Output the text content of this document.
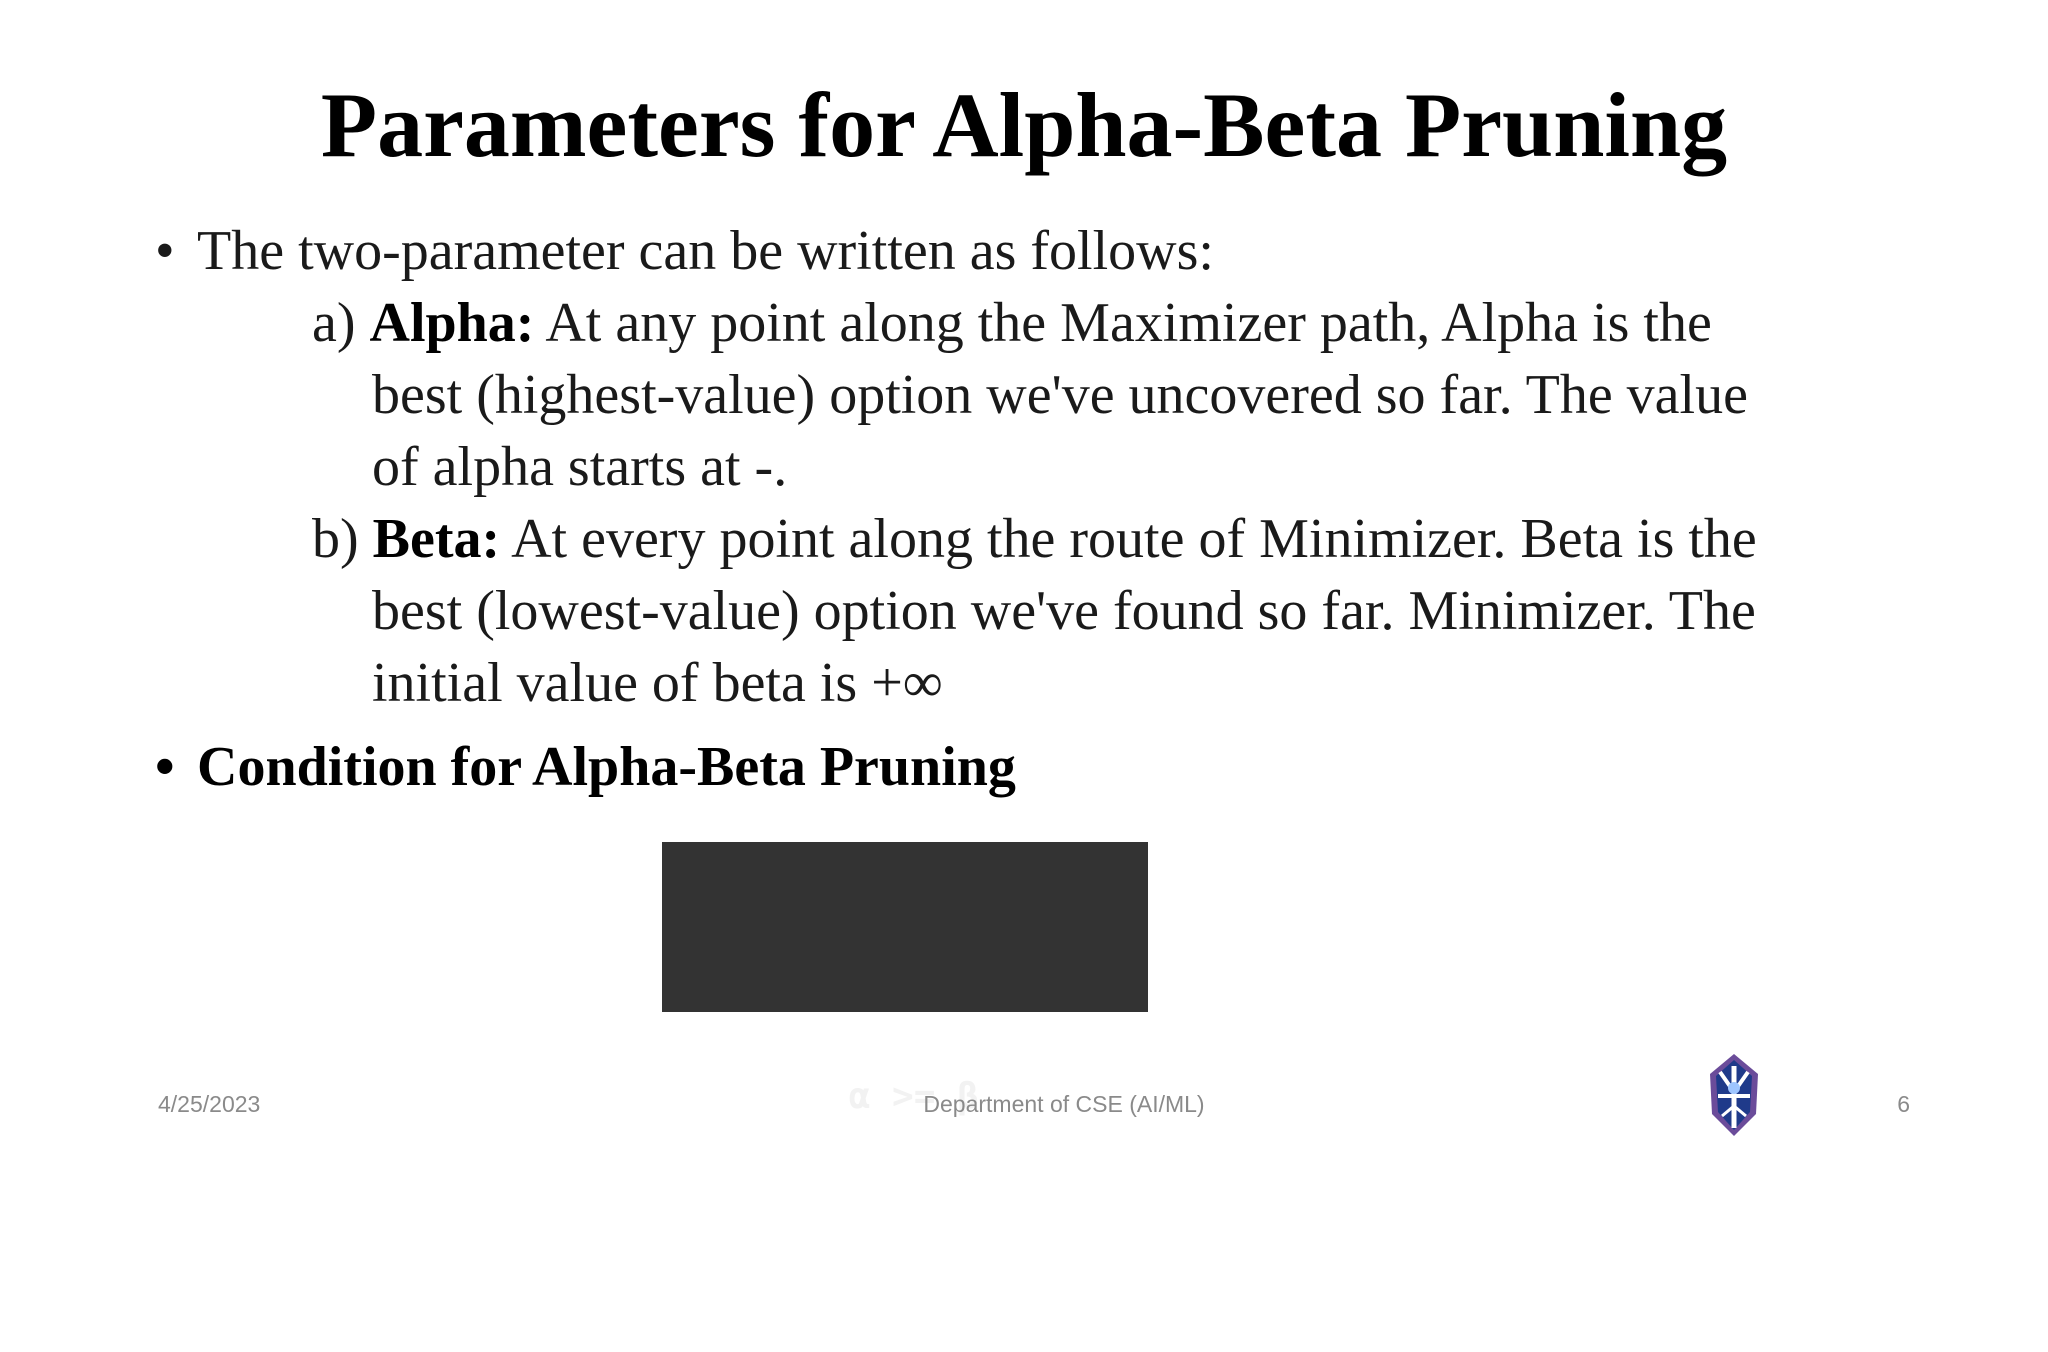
Parameters for Alpha-Beta Pruning
• The two-parameter can be written as follows:
a) Alpha: At any point along the Maximizer path, Alpha is the
best (highest-value) option we've uncovered so far. The value
of alpha starts at -.
b) Beta: At every point along the route of Minimizer. Beta is the
best (lowest-value) option we've found so far. Minimizer. The
initial value of beta is +∞
• Condition for Alpha-Beta Pruning

α >= β

4/25/2023	Department of CSE (AI/ML)	6
